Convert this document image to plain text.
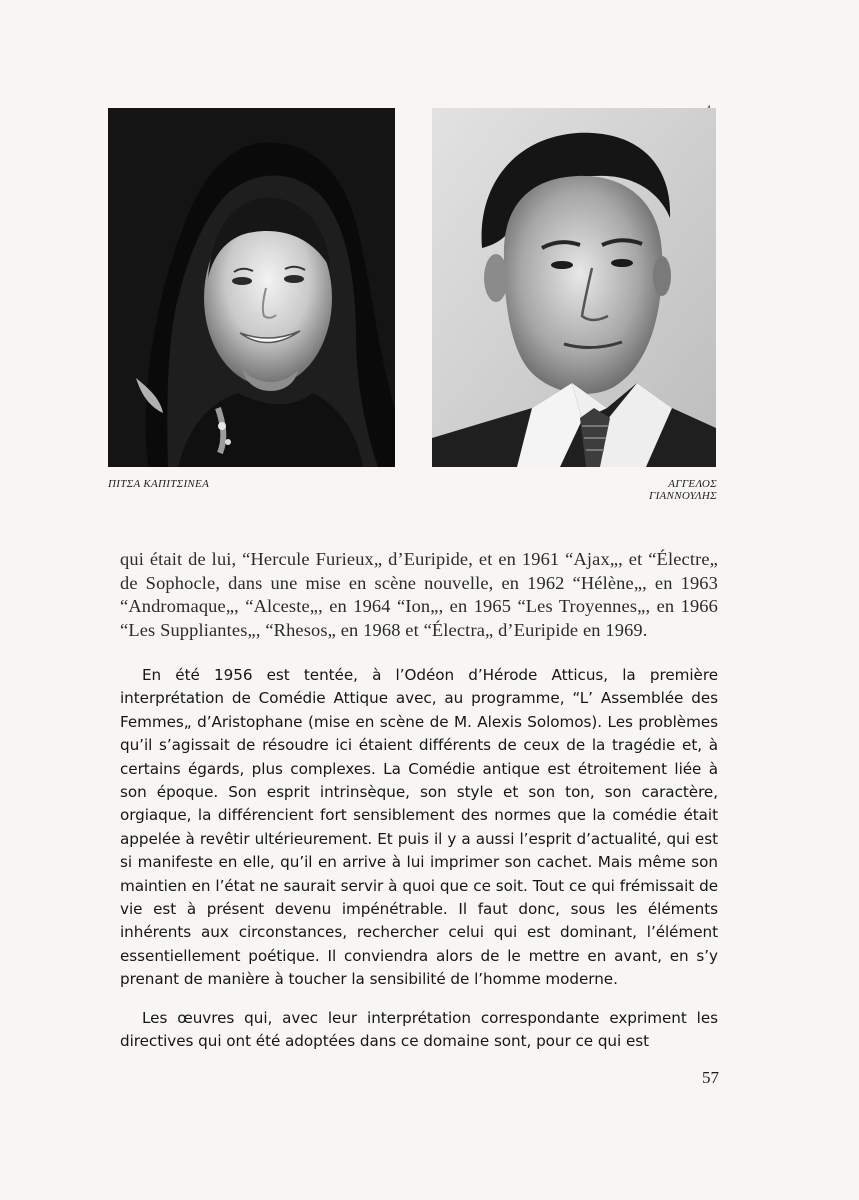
ΠΙΤΣΑ ΚΑΠΙΤΣΙΝΕΑ	ΑΓΓΕΛΟΣ ΓΙΑΝΝΟΥΛΗΣ
qui était de lui, “Hercule Furieux„ d’Euripide, et en 1961 “Ajax„, et “Électre„ de Sophocle, dans une mise en scène nouvelle, en 1962 “Hélène„, en 1963 “Andromaque„, “Alceste„, en 1964 “Ion„, en 1965 “Les Troyennes„, en 1966 “Les Suppliantes„, “Rhesos„ en 1968 et “Électra„ d’Euripide en 1969.
En été 1956 est tentée, à l’Odéon d’Hérode Atticus, la première interprétation de Comédie Attique avec, au programme, “L’ Assemblée des Femmes„ d’Aristophane (mise en scène de M. Alexis Solomos). Les problèmes qu’il s’agissait de résoudre ici étaient différents de ceux de la tragédie et, à certains égards, plus complexes. La Comédie antique est étroitement liée à son époque. Son esprit intrinsèque, son style et son ton, son caractère, orgiaque, la différencient fort sensiblement des normes que la comédie était appelée à revêtir ultérieurement. Et puis il y a aussi l’esprit d’actualité, qui est si manifeste en elle, qu’il en arrive à lui imprimer son cachet. Mais même son maintien en l’état ne saurait servir à quoi que ce soit. Tout ce qui frémissait de vie est à présent devenu impénétrable. Il faut donc, sous les éléments inhérents aux circonstances, rechercher celui qui est dominant, l’élément essentiellement poétique. Il conviendra alors de le mettre en avant, en s’y prenant de manière à toucher la sensibilité de l’homme moderne.
Les œuvres qui, avec leur interprétation correspondante expriment les directives qui ont été adoptées dans ce domaine sont, pour ce qui est
57
